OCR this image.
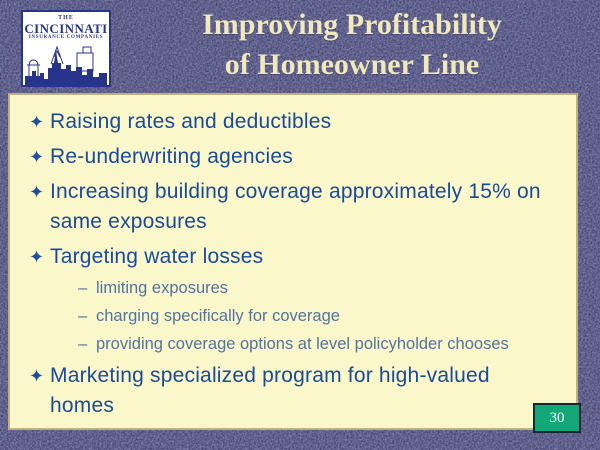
THE
CINCINNATI
INSURANCE COMPANIES	Improving Profitability
of Homeowner Line
✦ Raising rates and deductibles
✦ Re-underwriting agencies
✦ Increasing building coverage approximately 15% on same exposures
✦ Targeting water losses
– limiting exposures
– charging specifically for coverage
– providing coverage options at level policyholder chooses
✦ Marketing specialized program for high-valued homes
30
